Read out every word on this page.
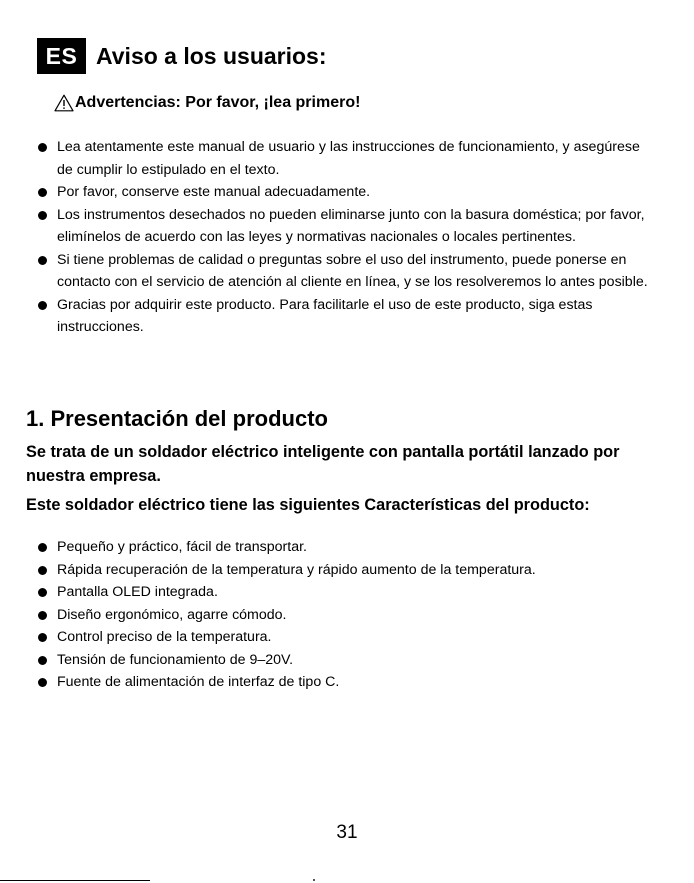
ES Aviso a los usuarios:
Advertencias: Por favor, ¡lea primero!
Lea atentamente este manual de usuario y las instrucciones de funcionamiento, y asegúrese de cumplir lo estipulado en el texto.
Por favor, conserve este manual adecuadamente.
Los instrumentos desechados no pueden eliminarse junto con la basura doméstica; por favor, elimínelos de acuerdo con las leyes y normativas nacionales o locales pertinentes.
Si tiene problemas de calidad o preguntas sobre el uso del instrumento, puede ponerse en contacto con el servicio de atención al cliente en línea, y se los resolveremos lo antes posible.
Gracias por adquirir este producto. Para facilitarle el uso de este producto, siga estas instrucciones.
1. Presentación del producto
Se trata de un soldador eléctrico inteligente con pantalla portátil lanzado por nuestra empresa.
Este soldador eléctrico tiene las siguientes Características del producto:
Pequeño y práctico, fácil de transportar.
Rápida recuperación de la temperatura y rápido aumento de la temperatura.
Pantalla OLED integrada.
Diseño ergonómico, agarre cómodo.
Control preciso de la temperatura.
Tensión de funcionamiento de 9–20V.
Fuente de alimentación de interfaz de tipo C.
31
